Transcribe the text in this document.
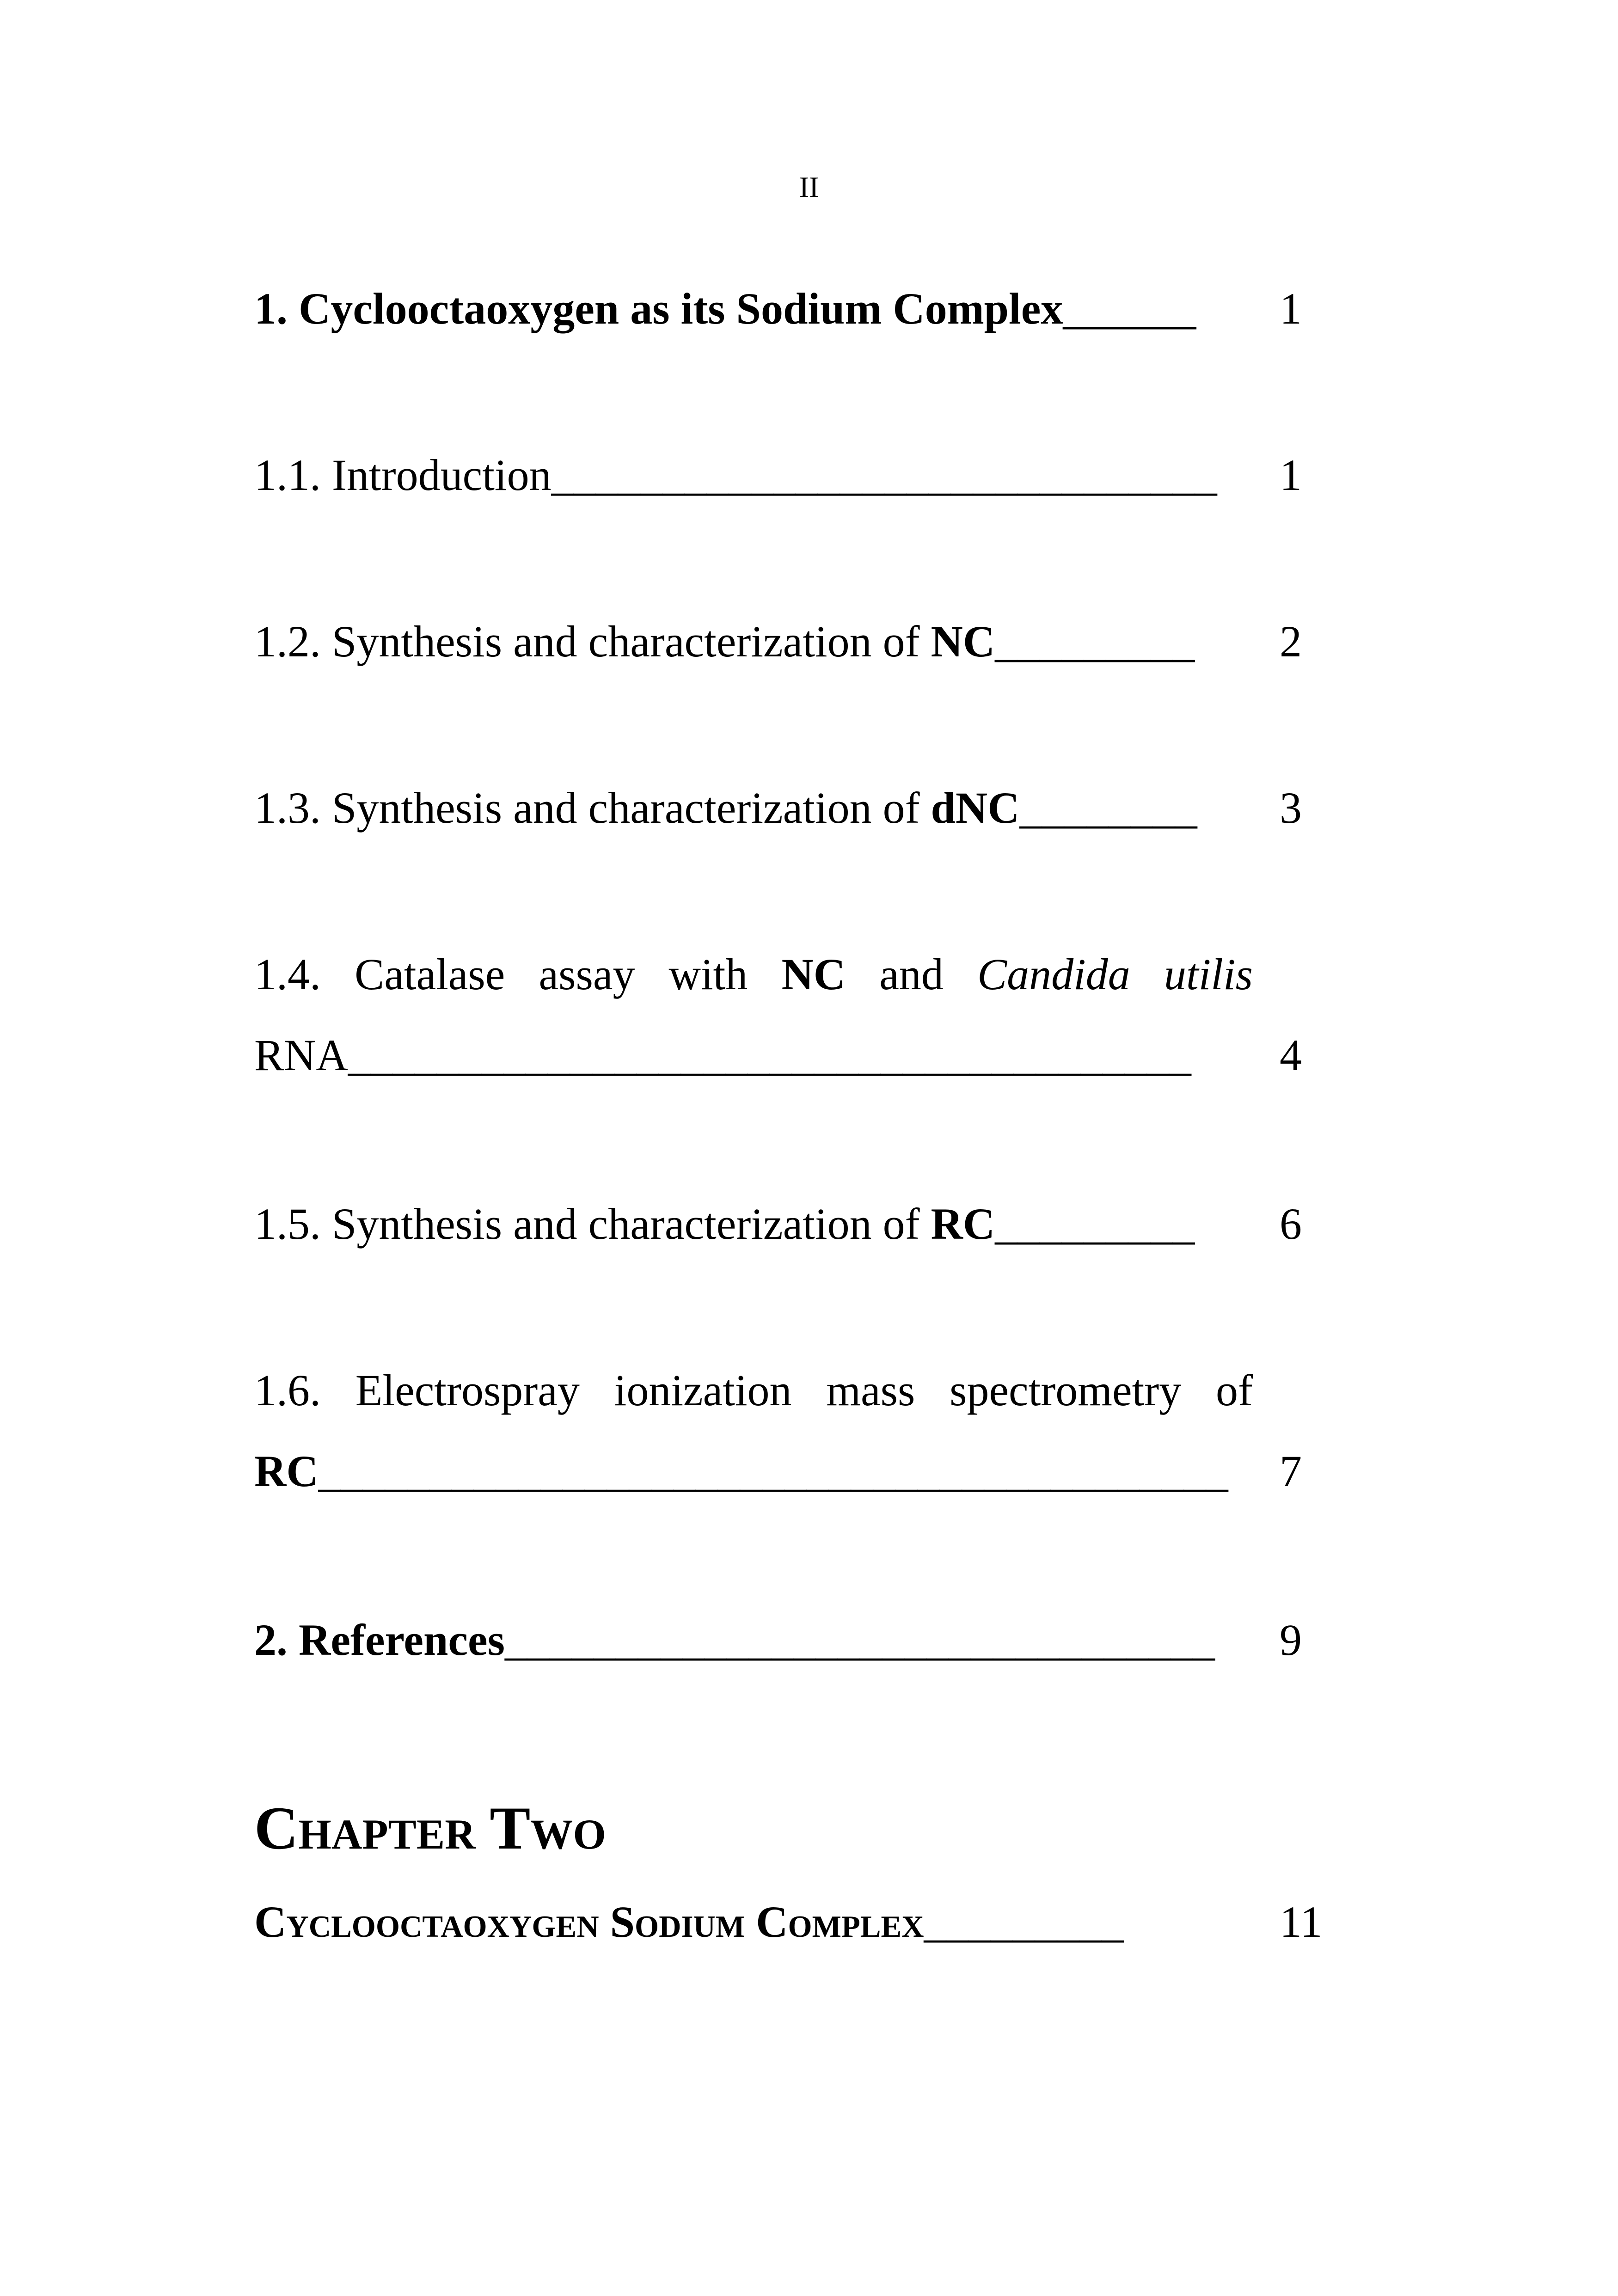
II
1. Cyclooctaoxygen as its Sodium Complex______	1
1.1. Introduction______________________________	1
1.2. Synthesis and characterization of NC_________	2
1.3. Synthesis and characterization of dNC________	3
1.4. Catalase assay with NC and Candida utilis
RNA______________________________________	4
1.5. Synthesis and characterization of RC_________	6
1.6. Electrospray ionization mass spectrometry of
RC_________________________________________	7
2. References________________________________	9
Chapter Two
Cyclooctaoxygen Sodium Complex_________	11
